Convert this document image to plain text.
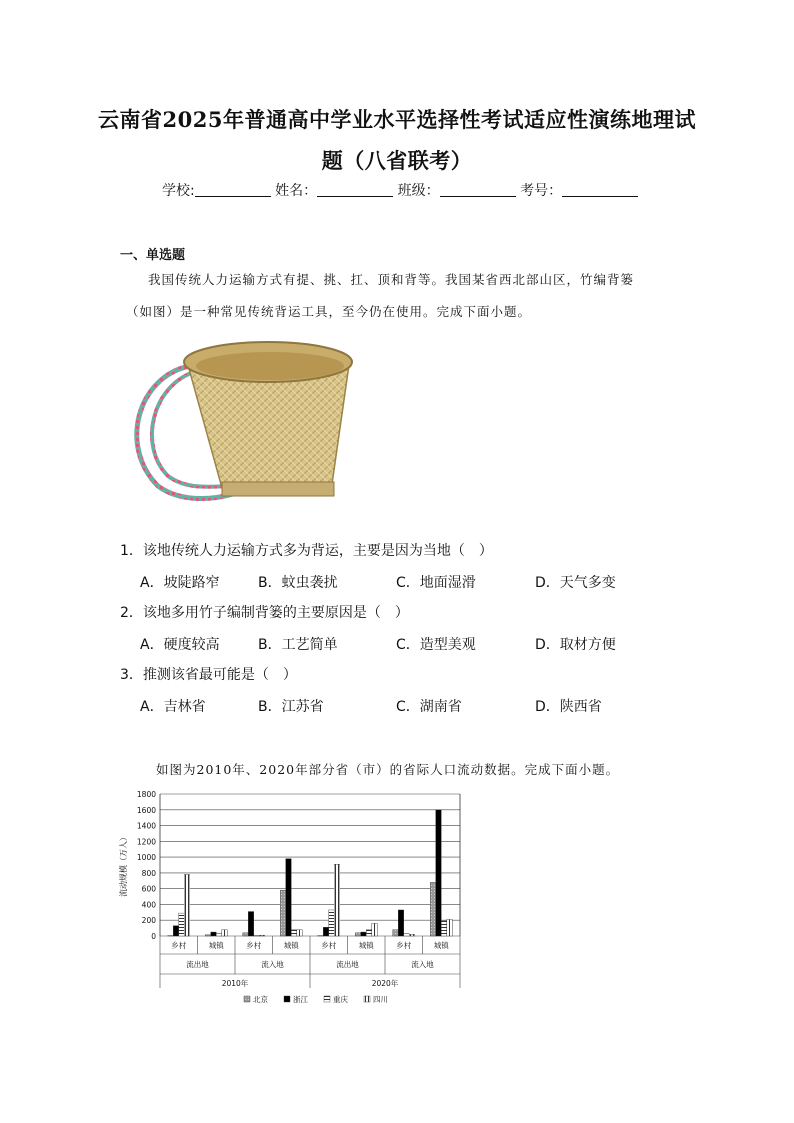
云南省2025年普通高中学业水平选择性考试适应性演练地理试
题（八省联考）
学校:	姓名：	班级：	考号：
一、单选题
我国传统人力运输方式有提、挑、扛、顶和背等。我国某省西北部山区，竹编背篓
（如图）是一种常见传统背运工具，至今仍在使用。完成下面小题。
1．该地传统人力运输方式多为背运，主要是因为当地（　）
A．坡陡路窄	B．蚊虫袭扰	C．地面湿滑	D．天气多变
2．该地多用竹子编制背篓的主要原因是（　）
A．硬度较高	B．工艺简单	C．造型美观	D．取材方便
3．推测该省最可能是（　）
A．吉林省	B．江苏省	C．湖南省	D．陕西省
如图为2010年、2020年部分省（市）的省际人口流动数据。完成下面小题。
0
200
400
600
800
1000
1200
1400
1600
1800
流动规模（万人）
乡村	城镇	乡村	城镇	乡村	城镇	乡村	城镇
流出地	流入地	流出地	流入地
2010年	2020年
北京	浙江	重庆	四川
